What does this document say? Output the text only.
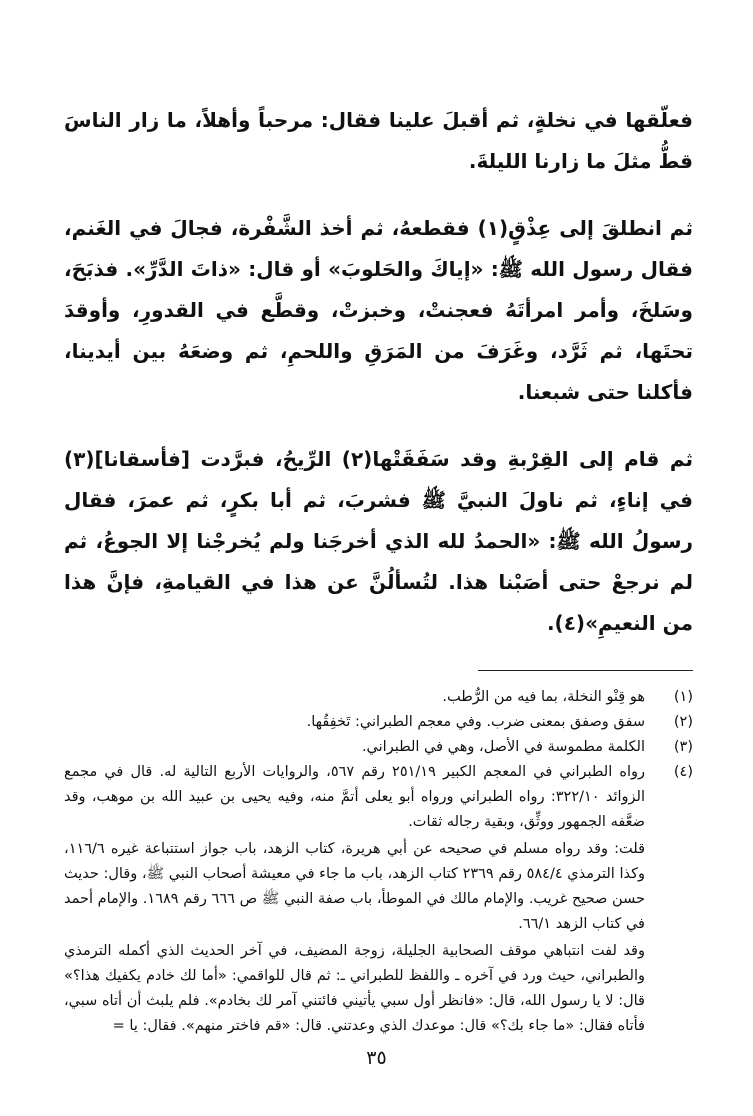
فعلّقها في نخلةٍ، ثم أقبلَ علينا فقال: مرحباً وأهلاً، ما زار الناسَ قطُّ مثلَ ما زارنا الليلةَ.

ثم انطلقَ إلى عِذْقٍ(١) فقطعهُ، ثم أخذ الشَّفْرة، فجالَ في الغَنم، فقال رسول الله ﷺ: «إياكَ والحَلوبَ» أو قال: «ذاتَ الدَّرِّ». فذبَحَ، وسَلخَ، وأمر امرأتَهُ فعجنتْ، وخبزتْ، وقطَّع في القدورِ، وأوقدَ تحتَها، ثم ثَرَّد، وغَرَفَ من المَرَقِ واللحمِ، ثم وضعَهُ بين أيدينا، فأكلنا حتى شبعنا.

ثم قام إلى القِرْبةِ وقد سَفَقَتْها(٢) الرِّيحُ، فبرَّدت [فأسقانا](٣) في إناءٍ، ثم ناولَ النبيَّ ﷺ فشربَ، ثم أبا بكرٍ، ثم عمرَ، فقال رسولُ الله ﷺ: «الحمدُ لله الذي أخرجَنا ولم يُخرجْنا إلا الجوعُ، ثم لم نرجعْ حتى أصَبْنا هذا. لتُسألُنَّ عن هذا في القيامةِ، فإنَّ هذا من النعيمِ»(٤).

(١)

هو قِنْو النخلة، بما فيه من الرُّطب.

(٢)

سفق وصفق بمعنى ضرب. وفي معجم الطبراني: تَخفِقُها.

(٣)

الكلمة مطموسة في الأصل، وهي في الطبراني.

(٤)

رواه الطبراني في المعجم الكبير ٢٥١/١٩ رقم ٥٦٧، والروايات الأربع التالية له. قال في مجمع الزوائد ٣٢٢/١٠: رواه الطبراني ورواه أبو يعلى أتمَّ منه، وفيه يحيى بن عبيد الله بن موهب، وقد ضعَّفه الجمهور ووثِّق، وبقية رجاله ثقات.

قلت: وقد رواه مسلم في صحيحه عن أبي هريرة، كتاب الزهد، باب جواز استتباعة غيره ١١٦/٦، وكذا الترمذي ٥٨٤/٤ رقم ٢٣٦٩ كتاب الزهد، باب ما جاء في معيشة أصحاب النبي ﷺ، وقال: حديث حسن صحيح غريب. والإمام مالك في الموطأ، باب صفة النبي ﷺ ص ٦٦٦ رقم ١٦٨٩. والإمام أحمد في كتاب الزهد ٦٦/١.

وقد لفت انتباهي موقف الصحابية الجليلة، زوجة المضيف، في آخر الحديث الذي أكمله الترمذي والطبراني، حيث ورد في آخره ـ واللفظ للطبراني ـ: ثم قال للواقمي: «أما لك خادم يكفيك هذا؟» قال: لا يا رسول الله، قال: «فانظر أول سبي يأتيني فائتني آمر لك بخادم». فلم يلبث أن أتاه سبي، فأتاه فقال: «ما جاء بك؟» قال: موعدك الذي وعدتني. قال: «قم فاختر منهم». فقال: يا =

٣٥
